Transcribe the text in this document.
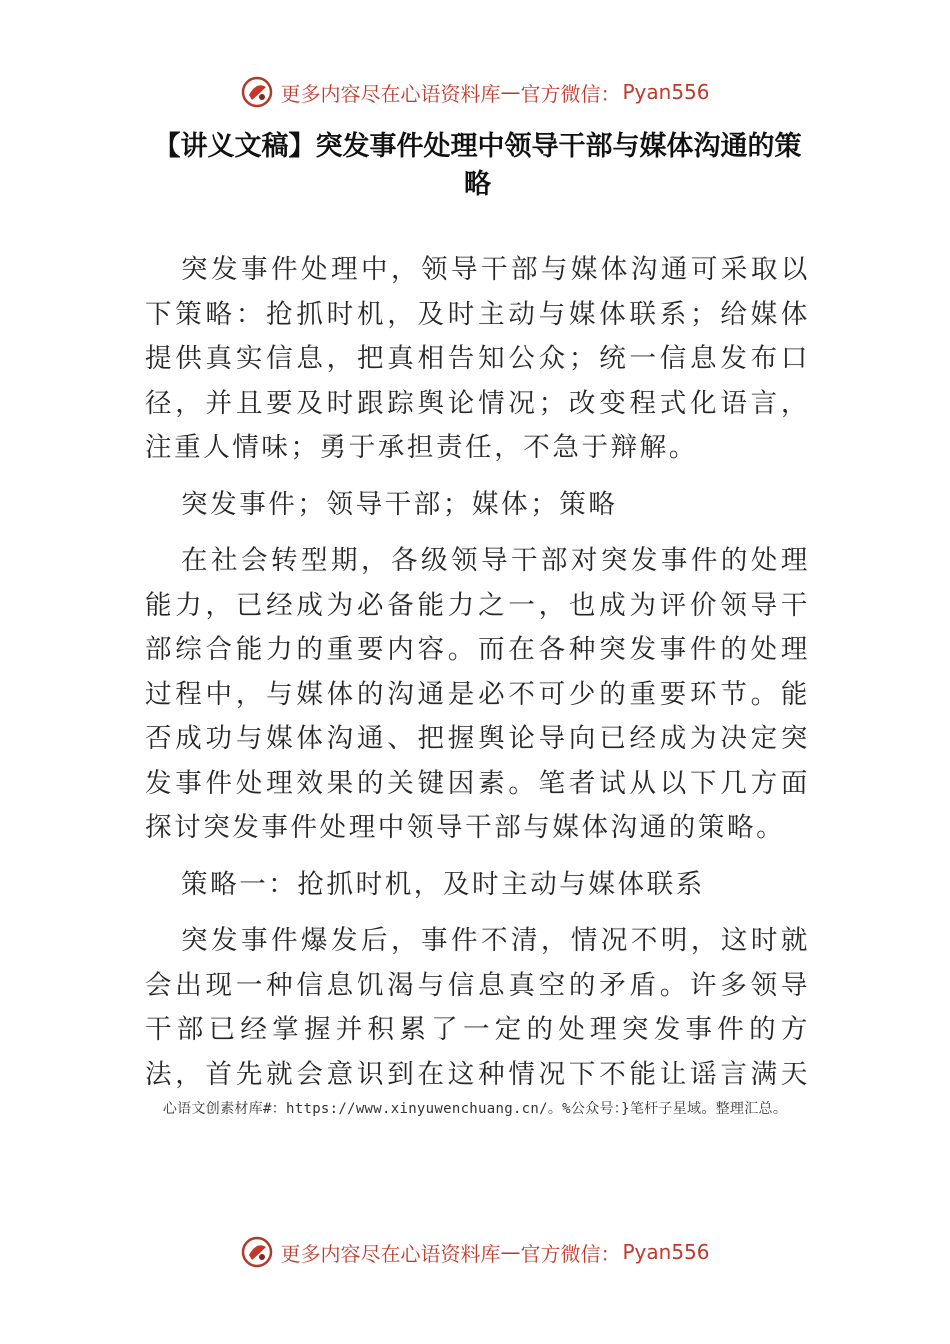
更多内容尽在心语资料库 — 官方微信： Pyan556
【讲义文稿】突发事件处理中领导干部与媒体沟通的策略

突发事件处理中，领导干部与媒体沟通可采取以下策略：抢抓时机，及时主动与媒体联系；给媒体提供真实信息，把真相告知公众；统一信息发布口径，并且要及时跟踪舆论情况；改变程式化语言，注重人情味；勇于承担责任，不急于辩解。

突发事件；领导干部；媒体；策略

在社会转型期，各级领导干部对突发事件的处理能力，已经成为必备能力之一，也成为评价领导干部综合能力的重要内容。而在各种突发事件的处理过程中，与媒体的沟通是必不可少的重要环节。能否成功与媒体沟通、把握舆论导向已经成为决定突发事件处理效果的关键因素。笔者试从以下几方面探讨突发事件处理中领导干部与媒体沟通的策略。

策略一：抢抓时机，及时主动与媒体联系

突发事件爆发后，事件不清，情况不明，这时就会出现一种信息饥渴与信息真空的矛盾。许多领导干部已经掌握并积累了一定的处理突发事件的方法，首先就会意识到在这种情况下不能让谣言满天

心语文创素材库#：https://www.xinyuwenchuang.cn/。%公众号：}笔杆子星域。整理汇总。
更多内容尽在心语资料库 — 官方微信： Pyan556
